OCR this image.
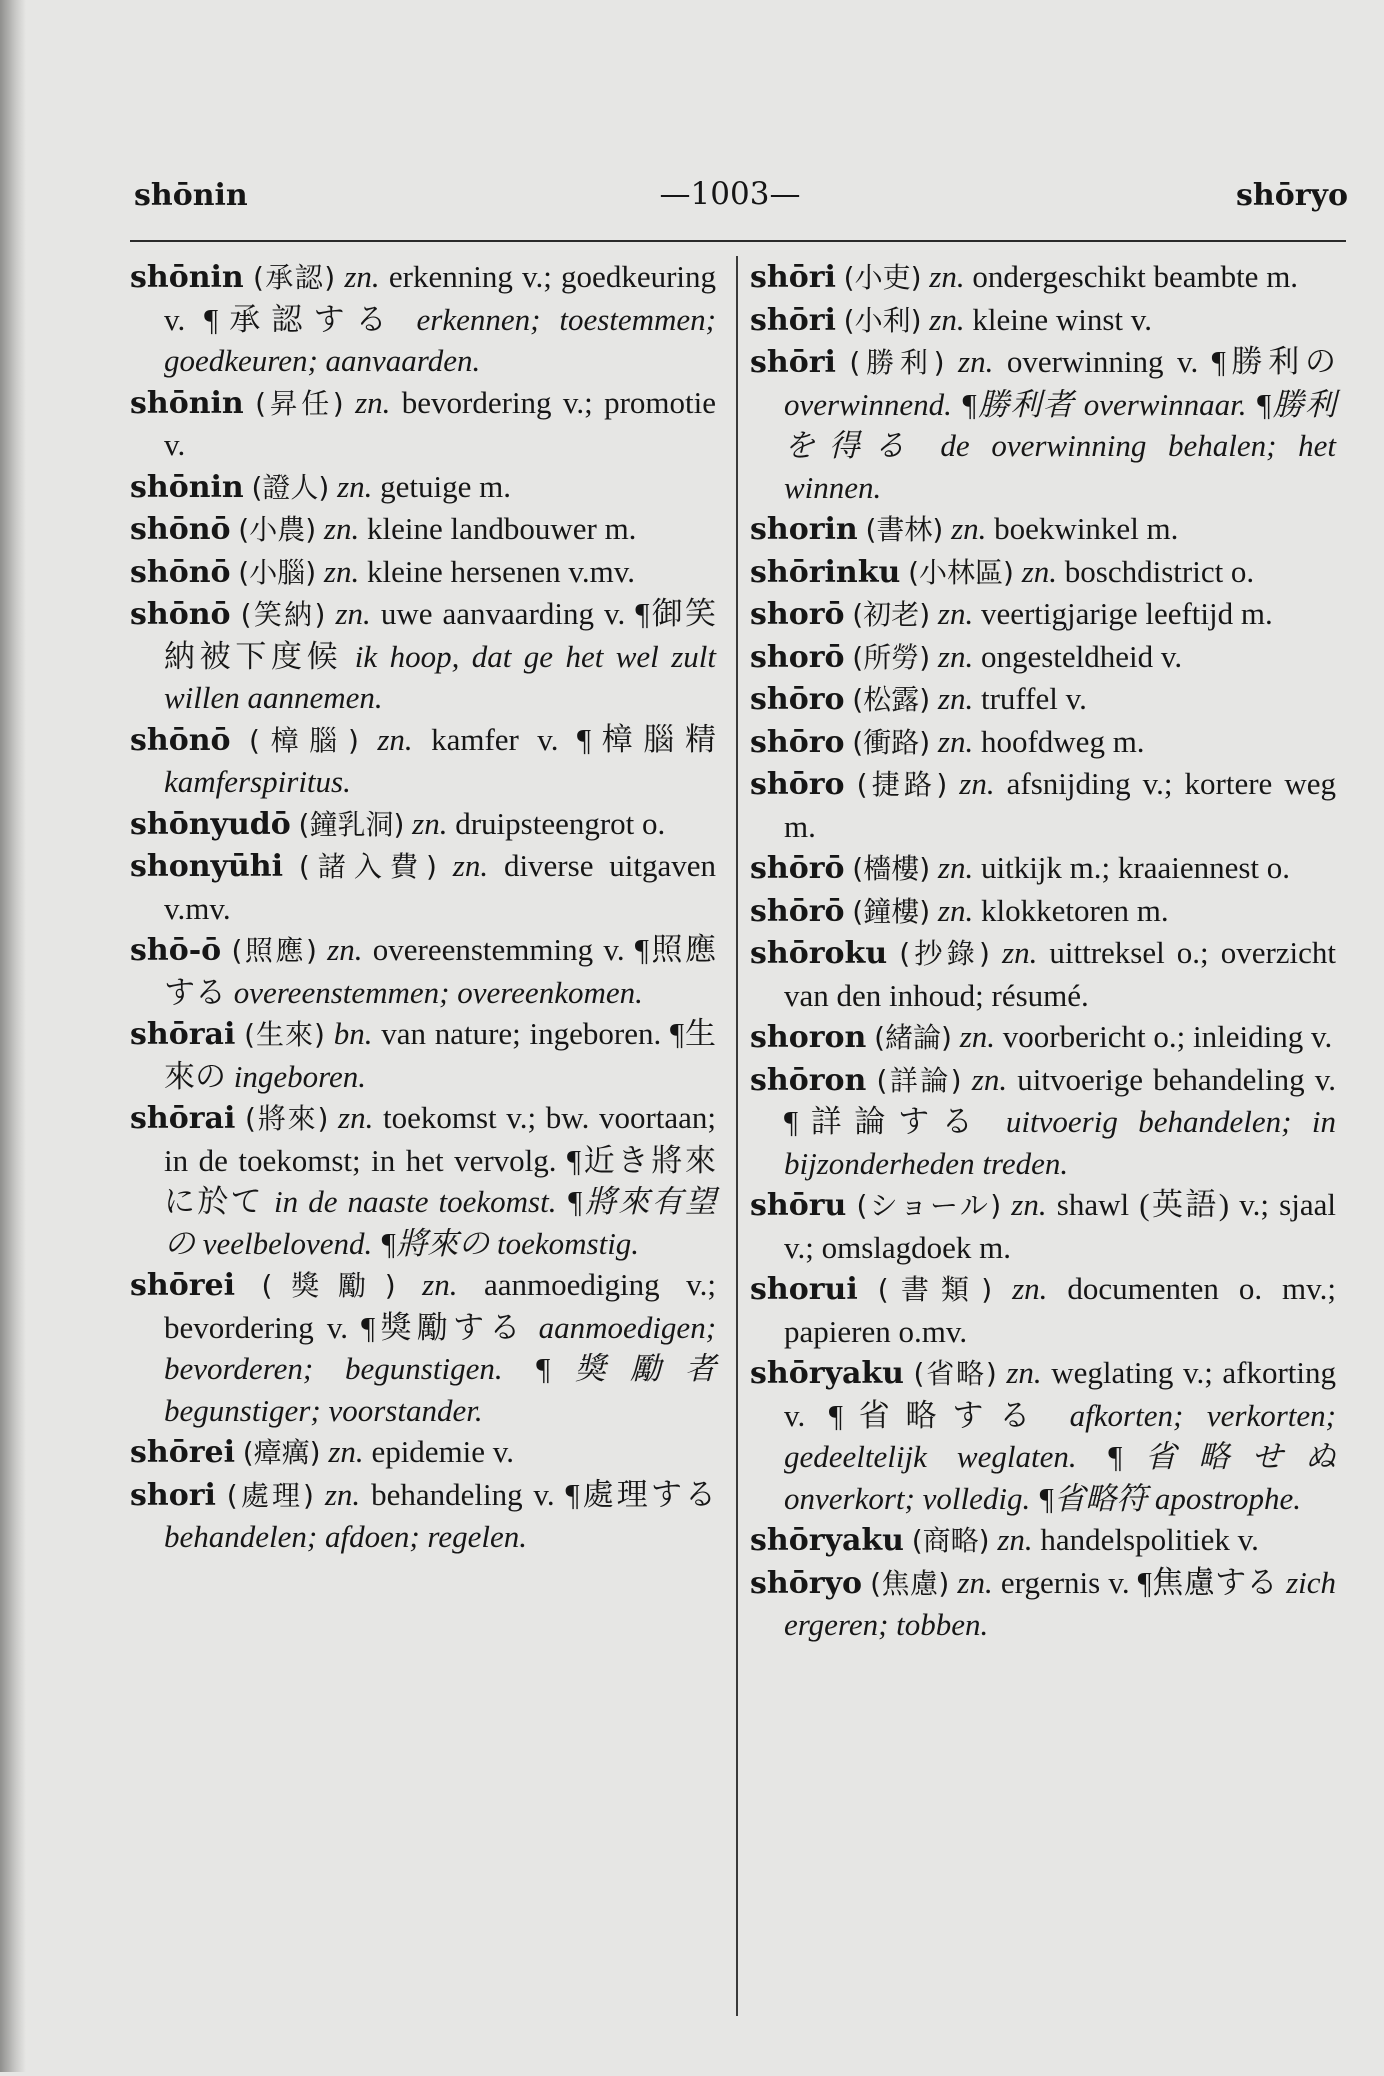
shōnin	—1003—	shōryo
shōnin (承認) zn. erkenning v.; goedkeuring v. ¶承認する erkennen; toestemmen; goedkeuren; aanvaarden.
shōnin (昇任) zn. bevordering v.; promotie v.
shōnin (證人) zn. getuige m.
shōnō (小農) zn. kleine landbouwer m.
shōnō (小腦) zn. kleine hersenen v.mv.
shōnō (笑納) zn. uwe aanvaarding v. ¶御笑納被下度候 ik hoop, dat ge het wel zult willen aannemen.
shōnō (樟腦) zn. kamfer v. ¶樟腦精 kamferspiritus.
shōnyudō (鐘乳洞) zn. druipsteengrot o.
shonyūhi (諸入費) zn. diverse uitgaven v.mv.
shō-ō (照應) zn. overeenstemming v. ¶照應する overeenstemmen; overeenkomen.
shōrai (生來) bn. van nature; ingeboren. ¶生來の ingeboren.
shōrai (將來) zn. toekomst v.; bw. voortaan; in de toekomst; in het vervolg. ¶近き將來に於て in de naaste toekomst. ¶將來有望の veelbelovend. ¶將來の toekomstig.
shōrei (獎勵) zn. aanmoediging v.; bevordering v. ¶獎勵する aanmoedigen; bevorderen; begunstigen. ¶獎勵者 begunstiger; voorstander.
shōrei (瘴癘) zn. epidemie v.
shori (處理) zn. behandeling v. ¶處理する behandelen; afdoen; regelen.
shōri (小吏) zn. ondergeschikt beambte m.
shōri (小利) zn. kleine winst v.
shōri (勝利) zn. overwinning v. ¶勝利の overwinnend. ¶勝利者 overwinnaar. ¶勝利を得る de overwinning behalen; het winnen.
shorin (書林) zn. boekwinkel m.
shōrinku (小林區) zn. boschdistrict o.
shorō (初老) zn. veertigjarige leeftijd m.
shorō (所勞) zn. ongesteldheid v.
shōro (松露) zn. truffel v.
shōro (衝路) zn. hoofdweg m.
shōro (捷路) zn. afsnijding v.; kortere weg m.
shōrō (檣樓) zn. uitkijk m.; kraaiennest o.
shōrō (鐘樓) zn. klokketoren m.
shōroku (抄錄) zn. uittreksel o.; overzicht van den inhoud; résumé.
shoron (緒論) zn. voorbericht o.; inleiding v.
shōron (詳論) zn. uitvoerige behandeling v. ¶詳論する uitvoerig behandelen; in bijzonderheden treden.
shōru (ショール) zn. shawl (英語) v.; sjaal v.; omslagdoek m.
shorui (書類) zn. documenten o. mv.; papieren o.mv.
shōryaku (省略) zn. weglating v.; afkorting v. ¶省略する afkorten; verkorten; gedeeltelijk weglaten. ¶省略せぬ onverkort; volledig. ¶省略符 apostrophe.
shōryaku (商略) zn. handelspolitiek v.
shōryo (焦慮) zn. ergernis v. ¶焦慮する zich ergeren; tobben.
